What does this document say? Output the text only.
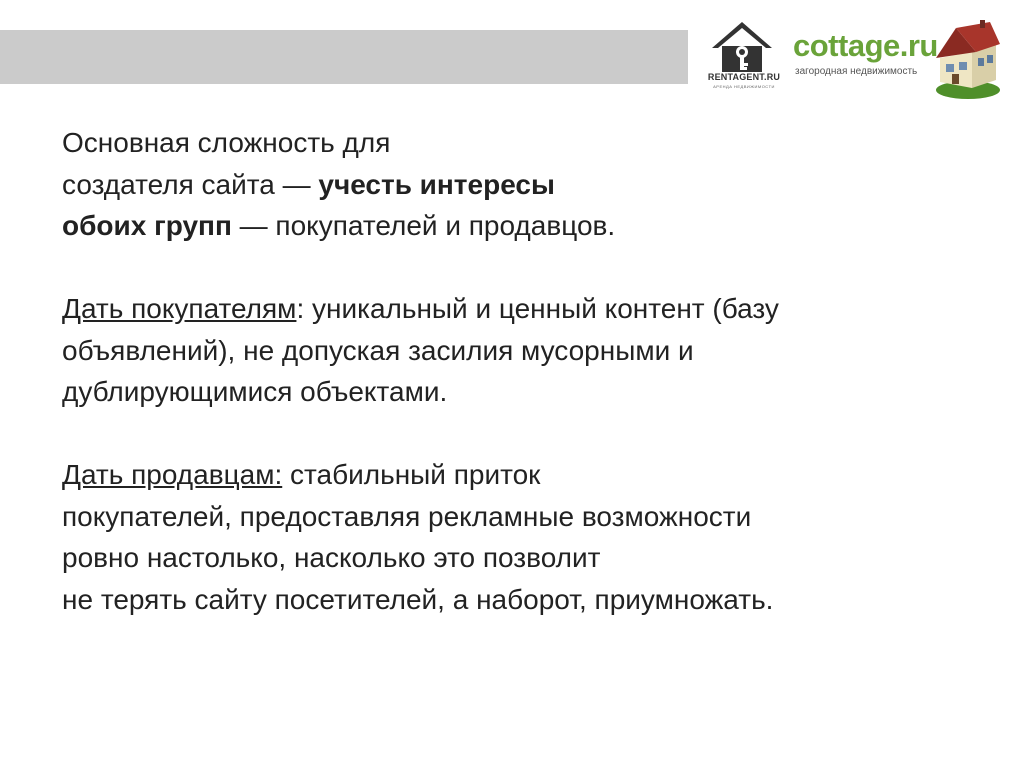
RENTAGENT.RU
АРЕНДА НЕДВИЖИМОСТИ
cottage.ru
загородная недвижимость
Основная сложность для
создателя сайта — учесть интересы
обоих групп — покупателей и продавцов.
Дать покупателям: уникальный и ценный контент (базу
объявлений), не допуская засилия мусорными и
дублирующимися объектами.
Дать продавцам: стабильный приток
покупателей, предоставляя рекламные возможности
ровно настолько, насколько это позволит
не терять сайту посетителей, а наборот, приумножать.
